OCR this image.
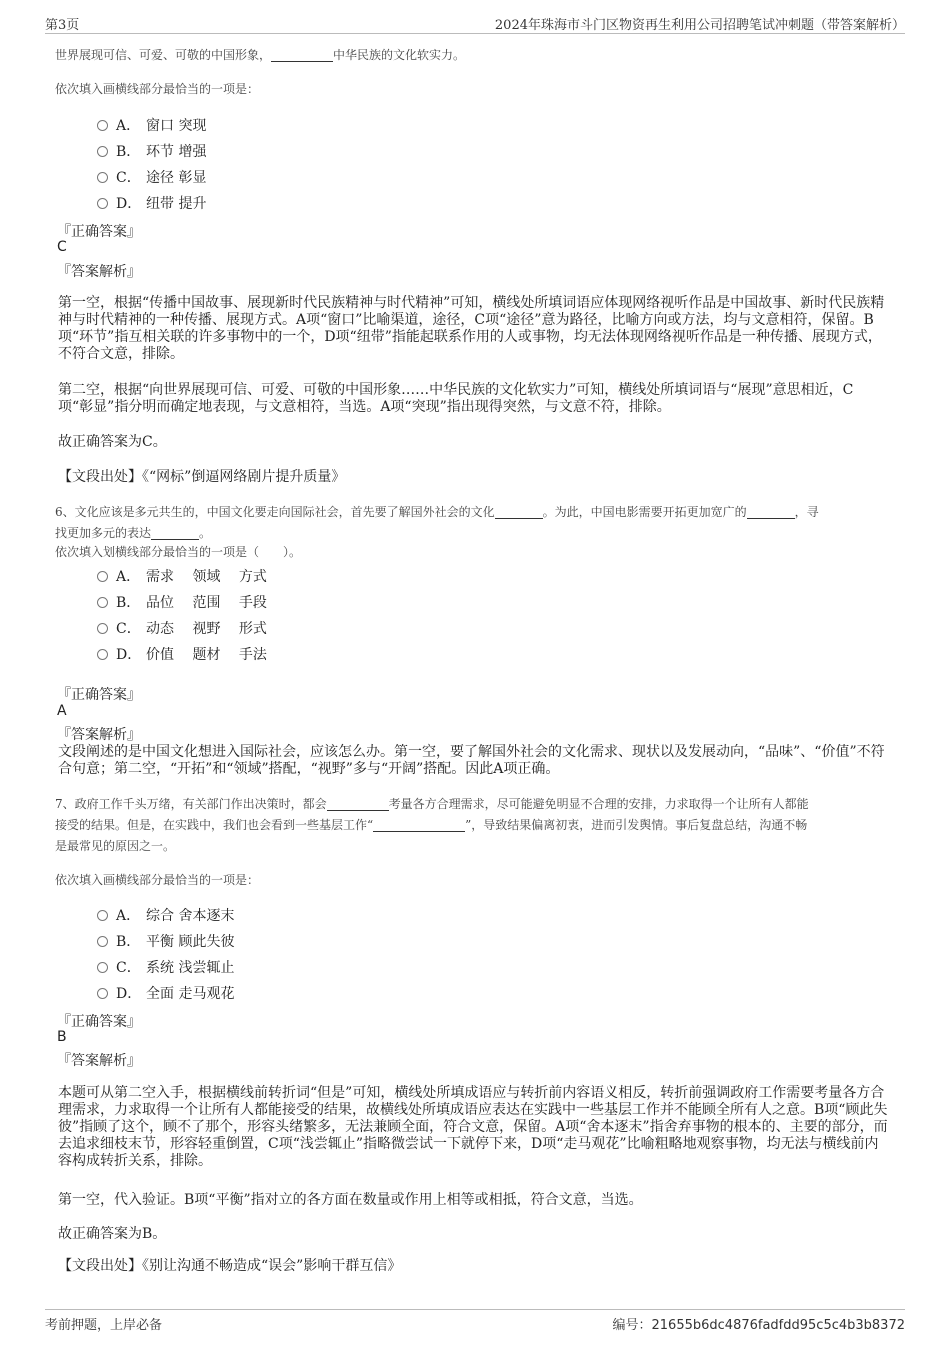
第3页	2024年珠海市斗门区物资再生利用公司招聘笔试冲刺题（带答案解析）
世界展现可信、可爱、可敬的中国形象，	中华民族的文化软实力。
依次填入画横线部分最恰当的一项是：
A． 窗口 突现
B． 环节 增强
C． 途径 彰显
D． 纽带 提升
『正确答案』
C
『答案解析』
第一空，根据“传播中国故事、展现新时代民族精神与时代精神”可知，横线处所填词语应体现网络视听作品是中国故事、新时代民族精神与时代精神的一种传播、展现方式。A项“窗口”比喻渠道，途径，C项“途径”意为路径，比喻方向或方法，均与文意相符，保留。B项“环节”指互相关联的许多事物中的一个，D项“纽带”指能起联系作用的人或事物，均无法体现网络视听作品是一种传播、展现方式，不符合文意，排除。
第二空，根据“向世界展现可信、可爱、可敬的中国形象……中华民族的文化软实力”可知，横线处所填词语与“展现”意思相近，C项“彰显”指分明而确定地表现，与文意相符，当选。A项“突现”指出现得突然，与文意不符，排除。
故正确答案为C。
【文段出处】《“网标”倒逼网络剧片提升质量》
6、文化应该是多元共生的，中国文化要走向国际社会，首先要了解国外社会的文化	。为此，中国电影需要开拓更加宽广的	，寻
找更加多元的表达	。
依次填入划横线部分最恰当的一项是（　　）。
A． 需求　 领域　 方式
B． 品位　 范围　 手段
C． 动态　 视野　 形式
D． 价值　 题材　 手法
『正确答案』
A
『答案解析』
文段阐述的是中国文化想进入国际社会，应该怎么办。第一空，要了解国外社会的文化需求、现状以及发展动向，“品味”、“价值”不符合句意；第二空，“开拓”和“领域”搭配，“视野”多与“开阔”搭配。因此A项正确。
7、政府工作千头万绪，有关部门作出决策时，都会	考量各方合理需求，尽可能避免明显不合理的安排，力求取得一个让所有人都能
接受的结果。但是，在实践中，我们也会看到一些基层工作“	”，导致结果偏离初衷，进而引发舆情。事后复盘总结，沟通不畅
是最常见的原因之一。
依次填入画横线部分最恰当的一项是：
A． 综合 舍本逐末
B． 平衡 顾此失彼
C． 系统 浅尝辄止
D． 全面 走马观花
『正确答案』
B
『答案解析』
本题可从第二空入手，根据横线前转折词“但是”可知，横线处所填成语应与转折前内容语义相反，转折前强调政府工作需要考量各方合理需求，力求取得一个让所有人都能接受的结果，故横线处所填成语应表达在实践中一些基层工作并不能顾全所有人之意。B项“顾此失彼”指顾了这个，顾不了那个，形容头绪繁多，无法兼顾全面，符合文意，保留。A项“舍本逐末”指舍弃事物的根本的、主要的部分，而去追求细枝末节，形容轻重倒置，C项“浅尝辄止”指略微尝试一下就停下来，D项“走马观花”比喻粗略地观察事物，均无法与横线前内容构成转折关系，排除。
第一空，代入验证。B项“平衡”指对立的各方面在数量或作用上相等或相抵，符合文意，当选。
故正确答案为B。
【文段出处】《别让沟通不畅造成“误会”影响干群互信》
考前押题，上岸必备	编号：21655b6dc4876fadfdd95c5c4b3b8372
